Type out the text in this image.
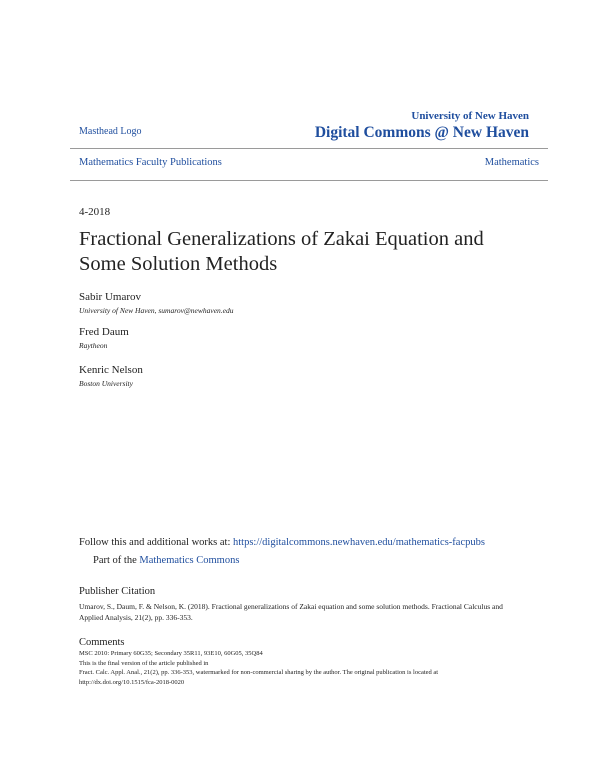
Masthead Logo
University of New Haven
Digital Commons @ New Haven
Mathematics Faculty Publications	Mathematics
4-2018
Fractional Generalizations of Zakai Equation and Some Solution Methods
Sabir Umarov
University of New Haven, sumarov@newhaven.edu
Fred Daum
Raytheon
Kenric Nelson
Boston University
Follow this and additional works at: https://digitalcommons.newhaven.edu/mathematics-facpubs
Part of the Mathematics Commons
Publisher Citation
Umarov, S., Daum, F. & Nelson, K. (2018). Fractional generalizations of Zakai equation and some solution methods. Fractional Calculus and Applied Analysis, 21(2), pp. 336-353.
Comments
MSC 2010: Primary 60G35; Secondary 35R11, 93E10, 60G05, 35Q84
This is the final version of the article published in
Fract. Calc. Appl. Anal., 21(2), pp. 336-353, watermarked for non-commercial sharing by the author. The original publication is located at
http://dx.doi.org/10.1515/fca-2018-0020
